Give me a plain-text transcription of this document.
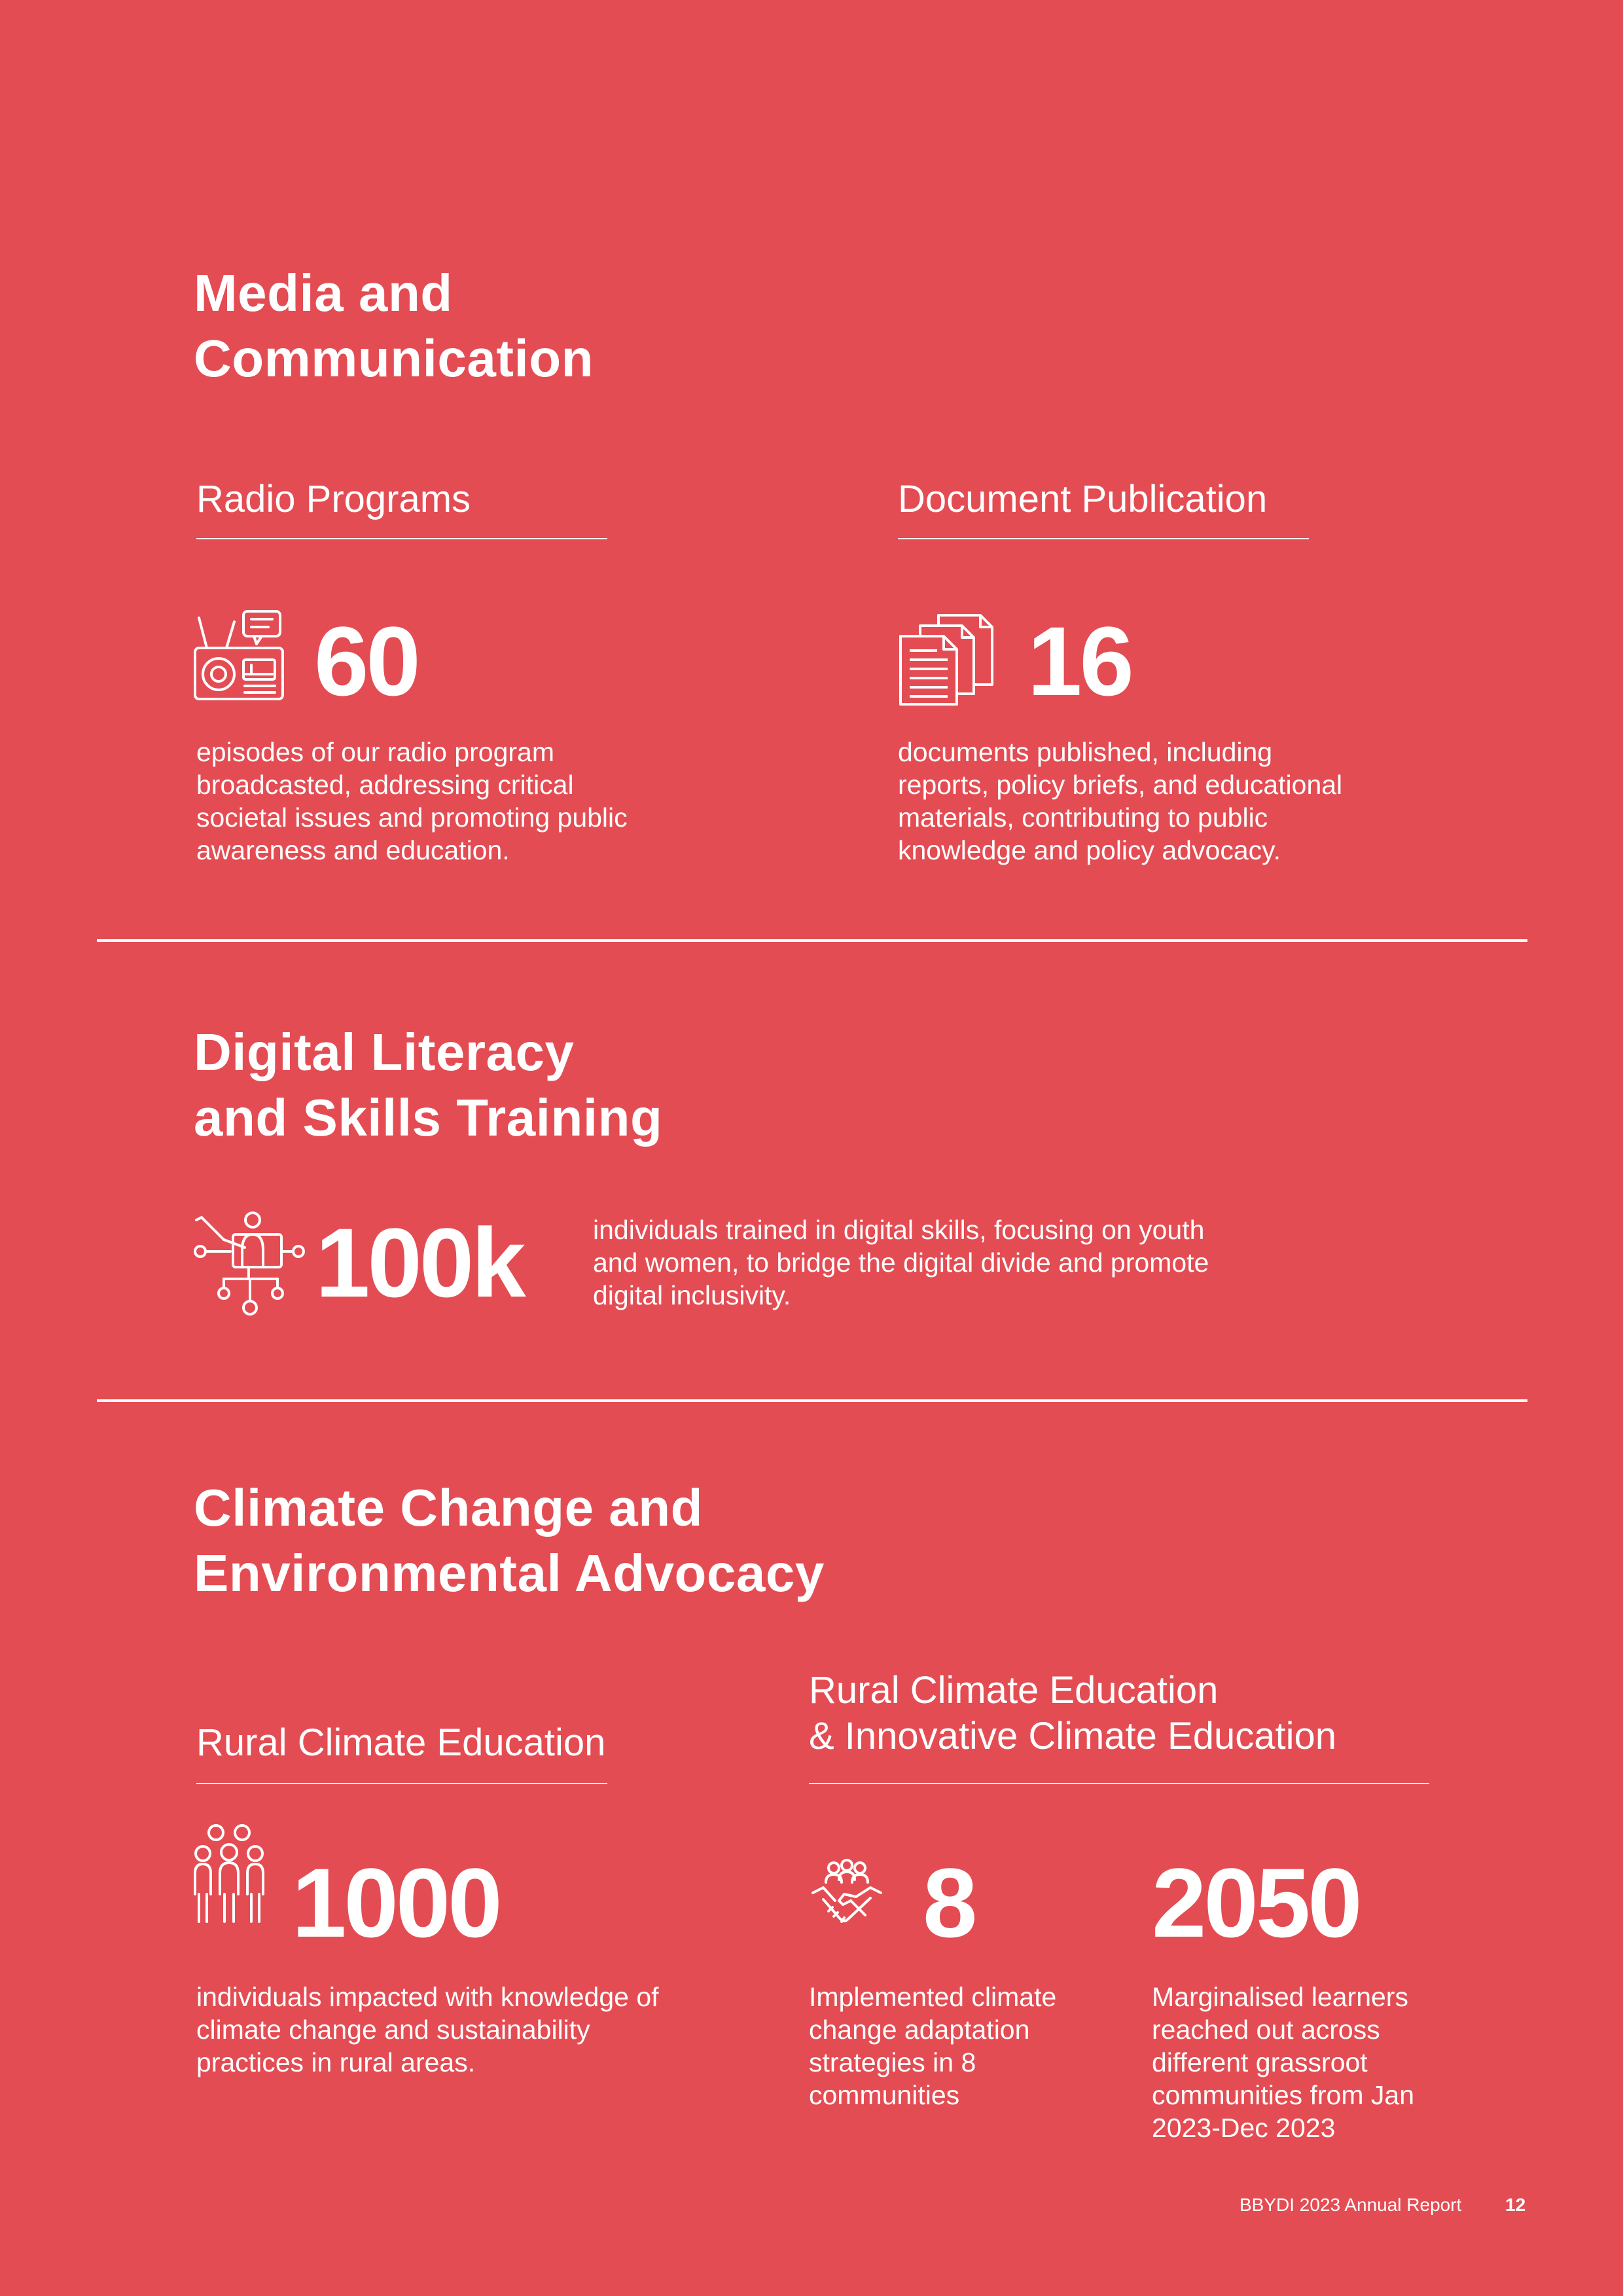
Media and
Communication
Radio Programs
60
episodes of our radio program
broadcasted, addressing critical
societal issues and promoting public
awareness and education.
Document Publication
16
documents published, including
reports, policy briefs, and educational
materials, contributing to public
knowledge and policy advocacy.
Digital Literacy
and Skills Training
100k	individuals trained in digital skills, focusing on youth
and women, to bridge the digital divide and promote
digital inclusivity.
Climate Change and
Environmental Advocacy
Rural Climate Education
1000
individuals impacted with knowledge of
climate change and sustainability
practices in rural areas.
Rural Climate Education
& Innovative Climate Education
8
Implemented climate
change adaptation
strategies in 8
communities
2050
Marginalised learners
reached out across
different grassroot
communities from Jan
2023-Dec 2023
BBYDI 2023 Annual Report 12
